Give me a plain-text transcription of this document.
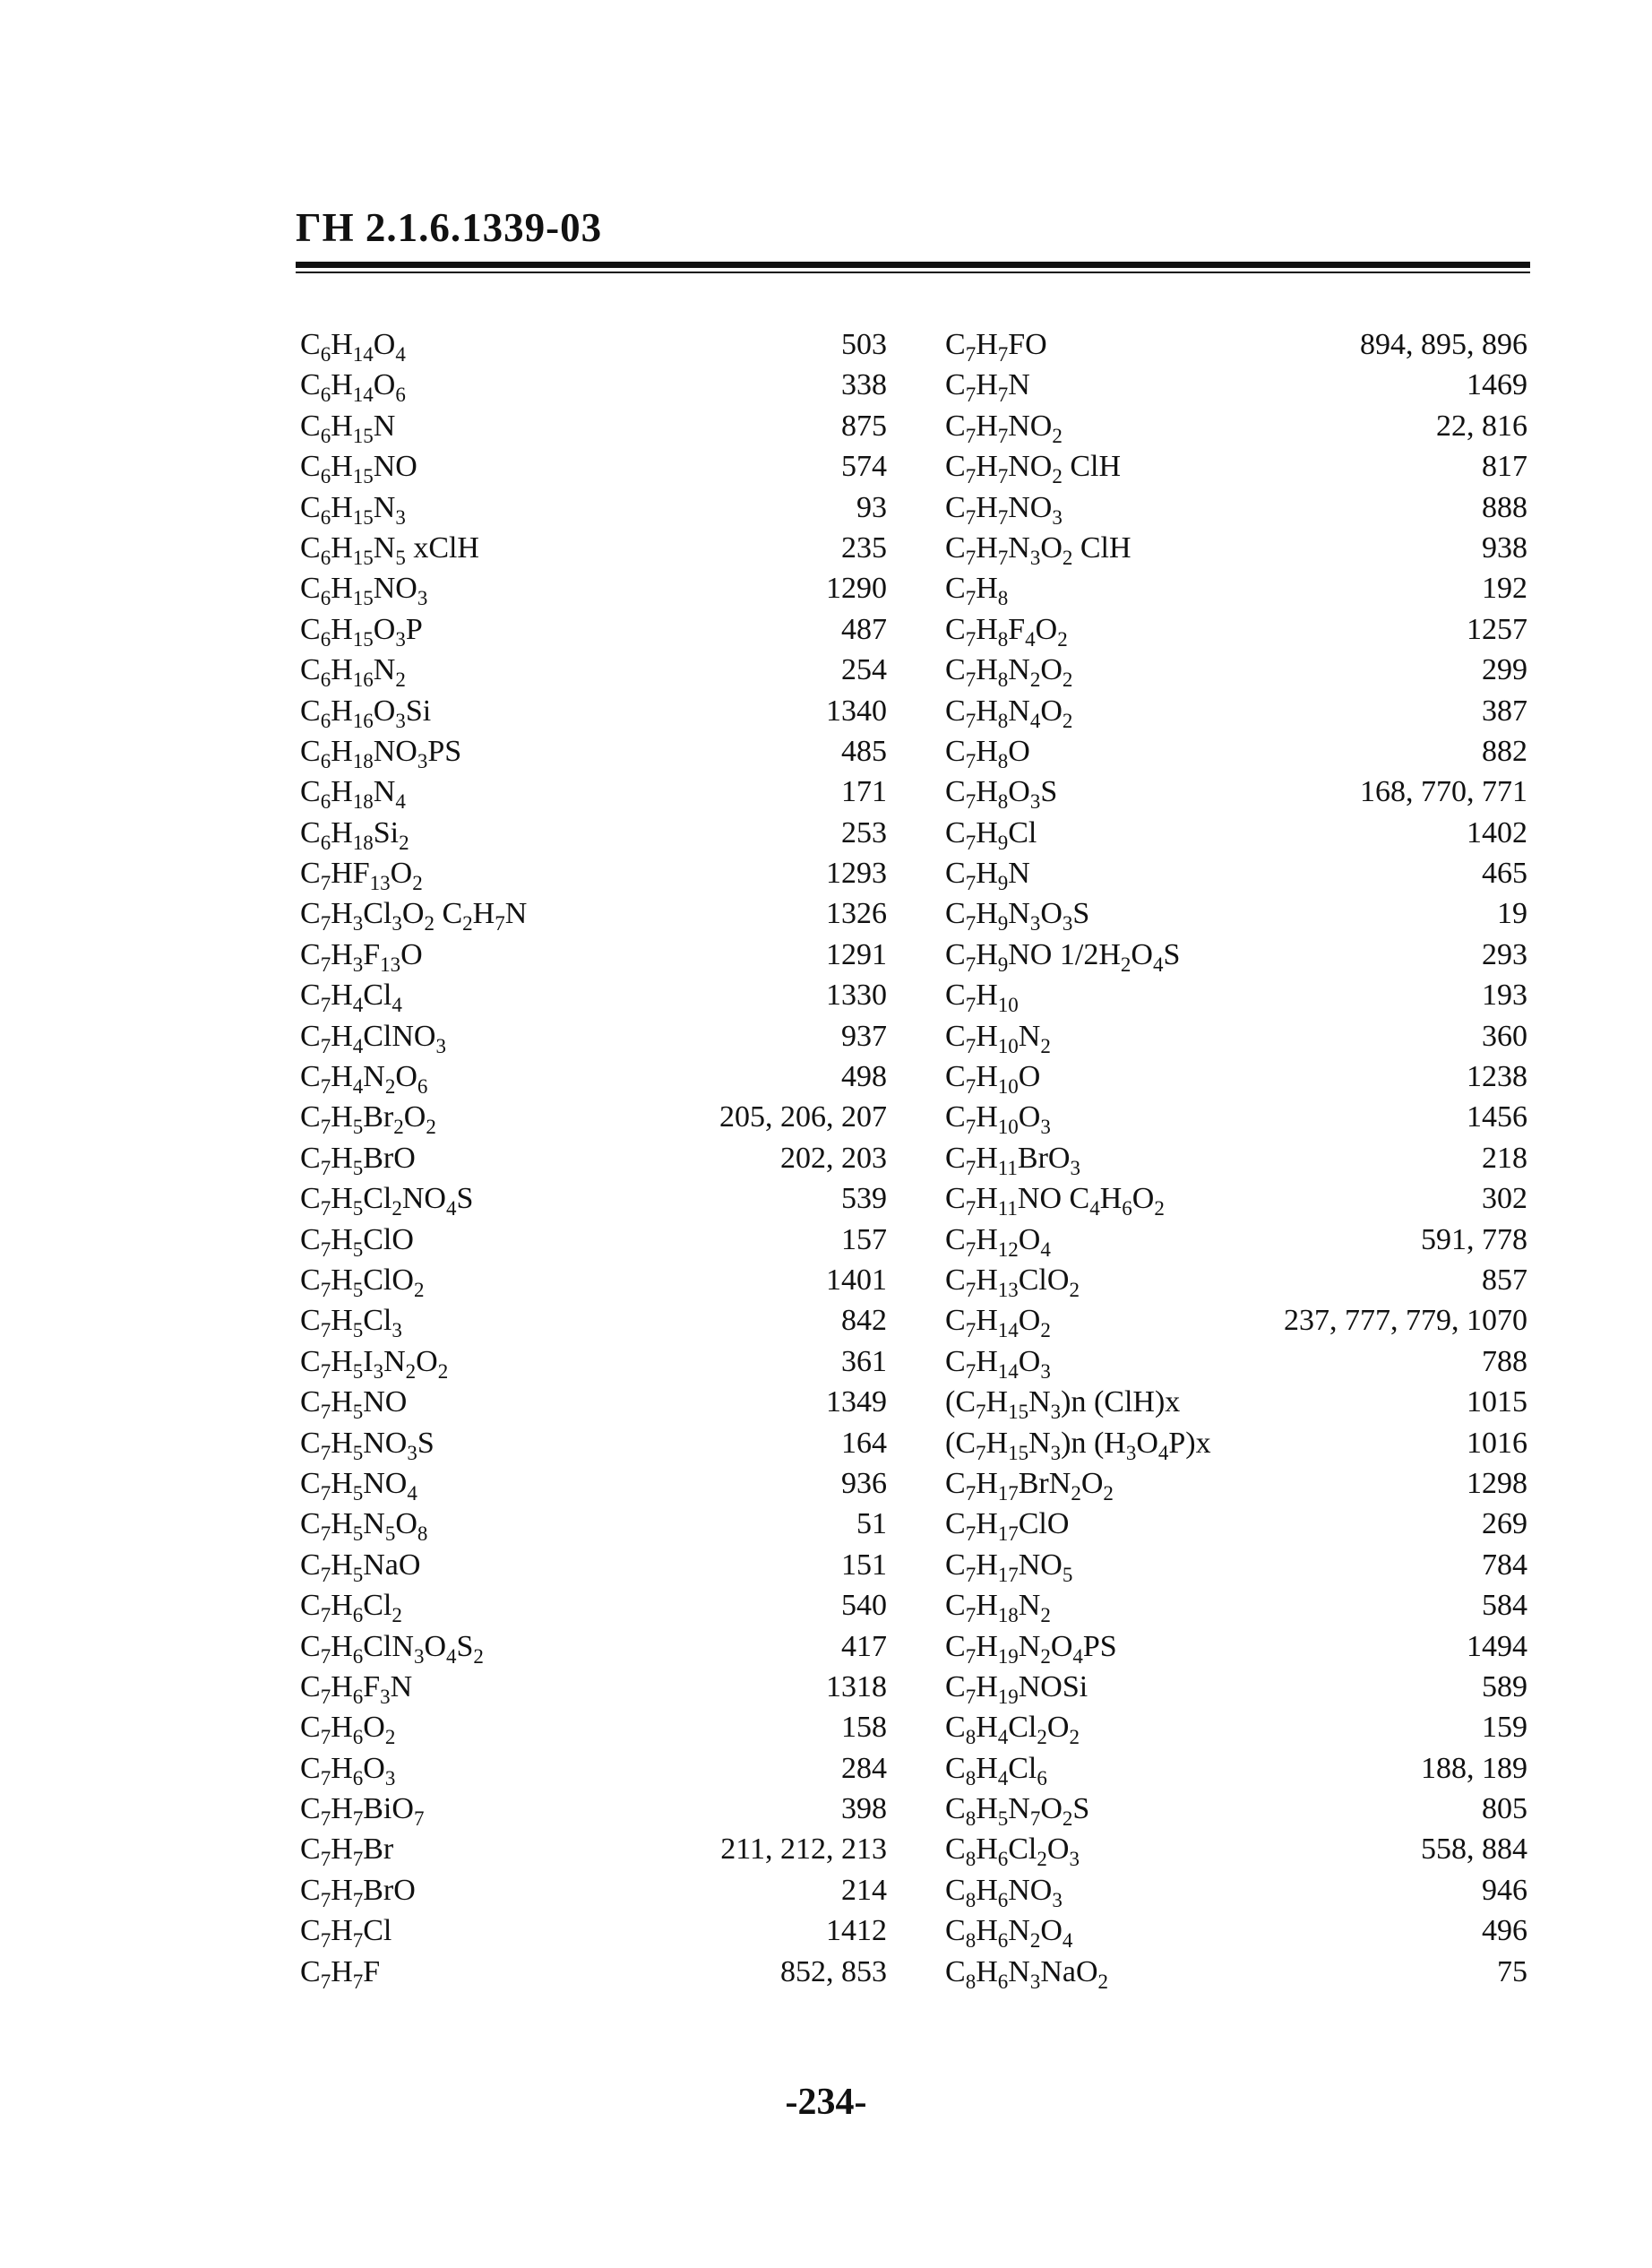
ГН 2.1.6.1339-03
$C_6H_{14}O_4$	503
$C_6H_{14}O_6$	338
$C_6H_{15}N$	875
$C_6H_{15}NO$	574
$C_6H_{15}N_3$	93
$C_6H_{15}N_5$ xClH	235
$C_6H_{15}NO_3$	1290
$C_6H_{15}O_3P$	487
$C_6H_{16}N_2$	254
$C_6H_{16}O_3Si$	1340
$C_6H_{18}NO_3PS$	485
$C_6H_{18}N_4$	171
$C_6H_{18}Si_2$	253
$C_7HF_{13}O_2$	1293
$C_7H_3Cl_3O_2$ $C_2H_7N$	1326
$C_7H_3F_{13}O$	1291
$C_7H_4Cl_4$	1330
$C_7H_4ClNO_3$	937
$C_7H_4N_2O_6$	498
$C_7H_5Br_2O_2$	205, 206, 207
$C_7H_5BrO$	202, 203
$C_7H_5Cl_2NO_4S$	539
$C_7H_5ClO$	157
$C_7H_5ClO_2$	1401
$C_7H_5Cl_3$	842
$C_7H_5I_3N_2O_2$	361
$C_7H_5NO$	1349
$C_7H_5NO_3S$	164
$C_7H_5NO_4$	936
$C_7H_5N_5O_8$	51
$C_7H_5NaO$	151
$C_7H_6Cl_2$	540
$C_7H_6ClN_3O_4S_2$	417
$C_7H_6F_3N$	1318
$C_7H_6O_2$	158
$C_7H_6O_3$	284
$C_7H_7BiO_7$	398
$C_7H_7Br$	211, 212, 213
$C_7H_7BrO$	214
$C_7H_7Cl$	1412
$C_7H_7F$	852, 853
$C_7H_7FO$	894, 895, 896
$C_7H_7N$	1469
$C_7H_7NO_2$	22, 816
$C_7H_7NO_2$ ClH	817
$C_7H_7NO_3$	888
$C_7H_7N_3O_2$ ClH	938
$C_7H_8$	192
$C_7H_8F_4O_2$	1257
$C_7H_8N_2O_2$	299
$C_7H_8N_4O_2$	387
$C_7H_8O$	882
$C_7H_8O_3S$	168, 770, 771
$C_7H_9Cl$	1402
$C_7H_9N$	465
$C_7H_9N_3O_3S$	19
$C_7H_9NO$ $1/2H_2O_4S$	293
$C_7H_{10}$	193
$C_7H_{10}N_2$	360
$C_7H_{10}O$	1238
$C_7H_{10}O_3$	1456
$C_7H_{11}BrO_3$	218
$C_7H_{11}NO$ $C_4H_6O_2$	302
$C_7H_{12}O_4$	591, 778
$C_7H_{13}ClO_2$	857
$C_7H_{14}O_2$	237, 777, 779, 1070
$C_7H_{14}O_3$	788
$(C_7H_{15}N_3)n$ (ClH)x	1015
$(C_7H_{15}N_3)n$ $(H_3O_4P)x$	1016
$C_7H_{17}BrN_2O_2$	1298
$C_7H_{17}ClO$	269
$C_7H_{17}NO_5$	784
$C_7H_{18}N_2$	584
$C_7H_{19}N_2O_4PS$	1494
$C_7H_{19}NOSi$	589
$C_8H_4Cl_2O_2$	159
$C_8H_4Cl_6$	188, 189
$C_8H_5N_7O_2S$	805
$C_8H_6Cl_2O_3$	558, 884
$C_8H_6NO_3$	946
$C_8H_6N_2O_4$	496
$C_8H_6N_3NaO_2$	75
-234-
